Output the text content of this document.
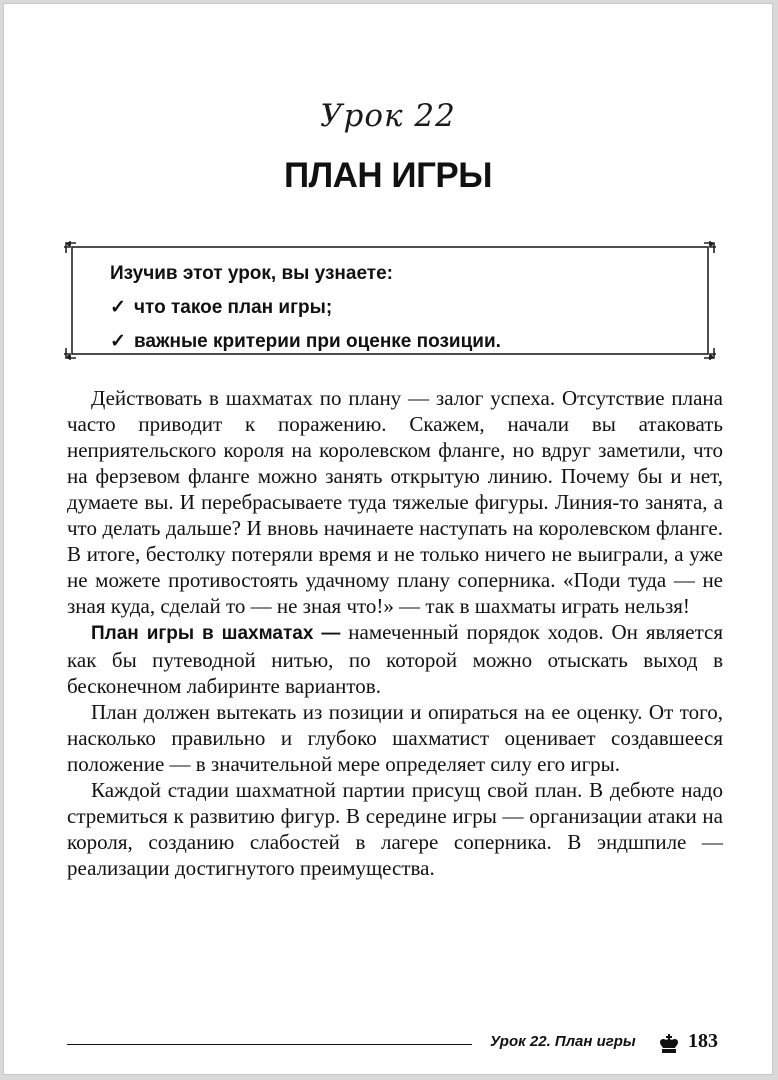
Урок 22
ПЛАН ИГРЫ
Изучив этот урок, вы узнаете:
✓ что такое план игры;
✓ важные критерии при оценке позиции.

Действовать в шахматах по плану — залог успеха. Отсутствие плана часто приводит к поражению. Скажем, начали вы атаковать неприятельского короля на королевском фланге, но вдруг заметили, что на ферзевом фланге можно занять открытую линию. Почему бы и нет, думаете вы. И перебрасываете туда тяжелые фигуры. Линия-то занята, а что делать дальше? И вновь начинаете наступать на королевском фланге. В итоге, бестолку потеряли время и не только ничего не выиграли, а уже не можете противостоять удачному плану соперника. «Поди туда — не зная куда, сделай то — не зная что!» — так в шахматы играть нельзя!

План игры в шахматах — намеченный порядок ходов. Он является как бы путеводной нитью, по которой можно отыскать выход в бесконечном лабиринте вариантов.

План должен вытекать из позиции и опираться на ее оценку. От того, насколько правильно и глубоко шахматист оценивает создавшееся положение — в значительной мере определяет силу его игры.

Каждой стадии шахматной партии присущ свой план. В дебюте надо стремиться к развитию фигур. В середине игры — организации атаки на короля, созданию слабостей в лагере соперника. В эндшпиле — реализации достигнутого преимущества.

Урок 22. План игры	183
